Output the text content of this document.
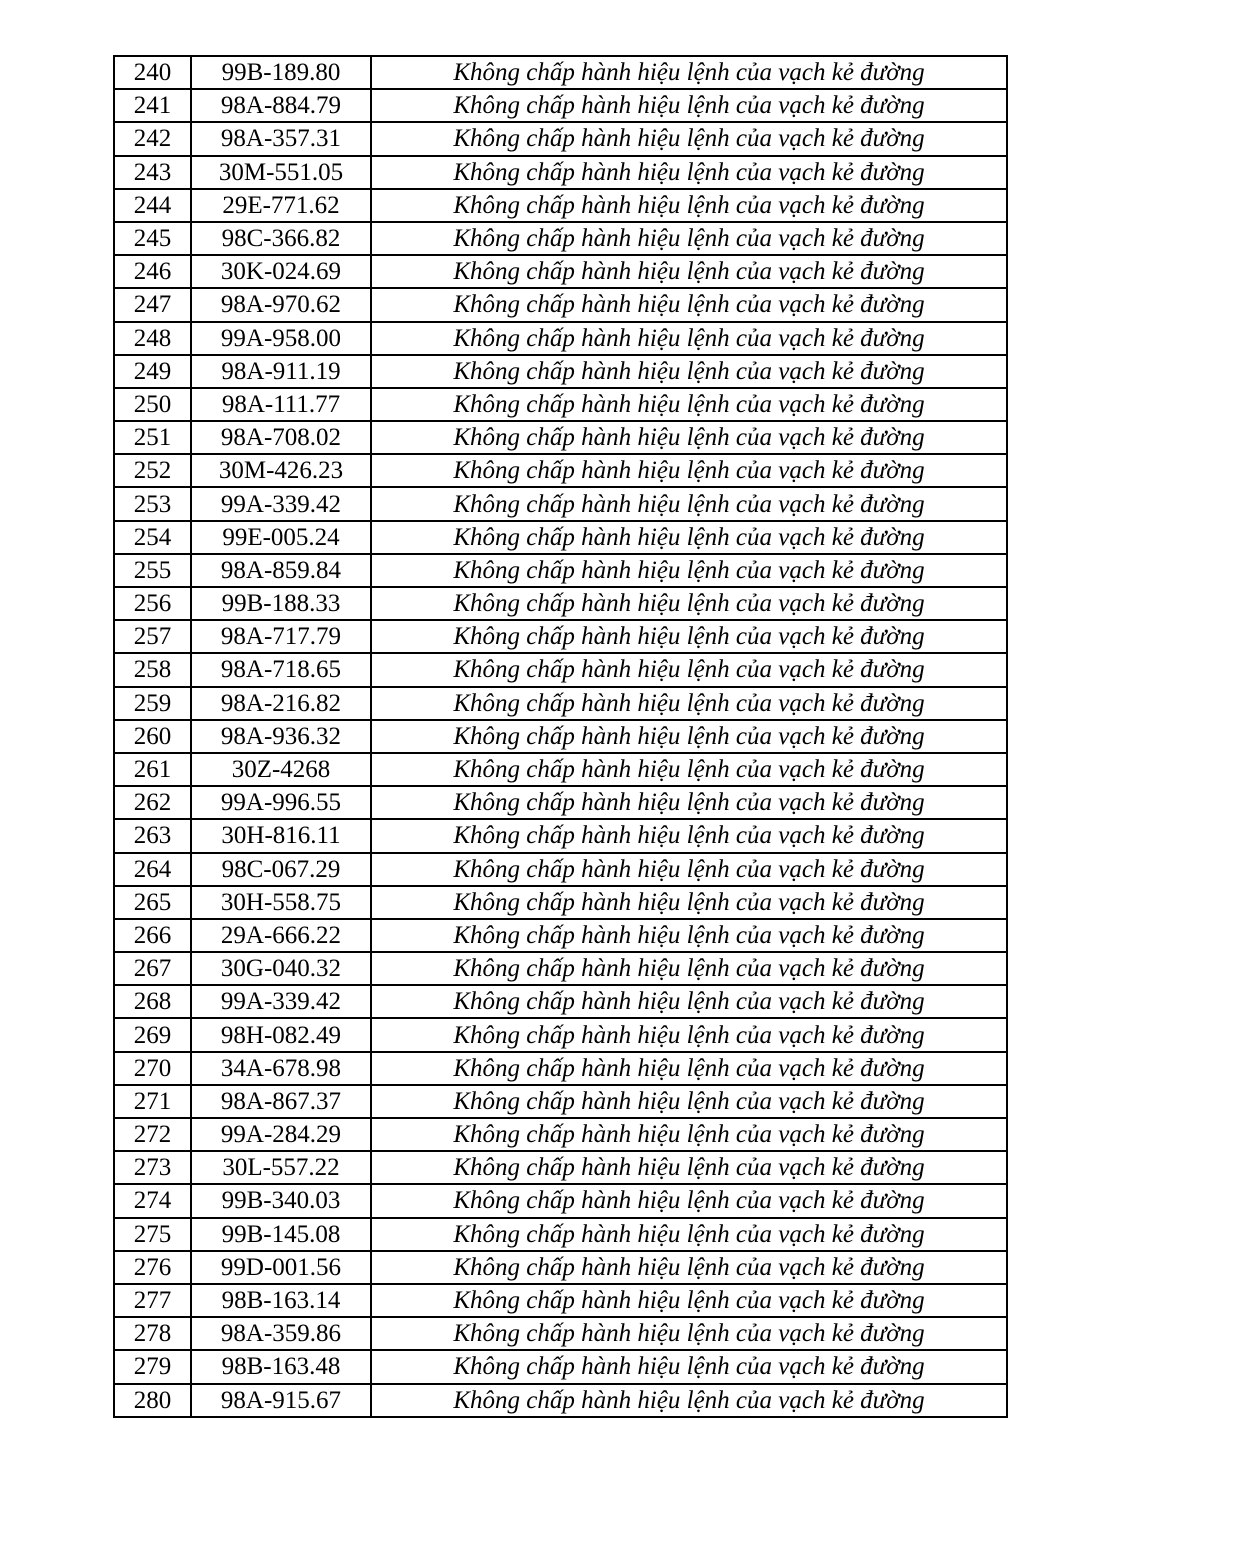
240	99B-189.80	Không chấp hành hiệu lệnh của vạch kẻ đường
241	98A-884.79	Không chấp hành hiệu lệnh của vạch kẻ đường
242	98A-357.31	Không chấp hành hiệu lệnh của vạch kẻ đường
243	30M-551.05	Không chấp hành hiệu lệnh của vạch kẻ đường
244	29E-771.62	Không chấp hành hiệu lệnh của vạch kẻ đường
245	98C-366.82	Không chấp hành hiệu lệnh của vạch kẻ đường
246	30K-024.69	Không chấp hành hiệu lệnh của vạch kẻ đường
247	98A-970.62	Không chấp hành hiệu lệnh của vạch kẻ đường
248	99A-958.00	Không chấp hành hiệu lệnh của vạch kẻ đường
249	98A-911.19	Không chấp hành hiệu lệnh của vạch kẻ đường
250	98A-111.77	Không chấp hành hiệu lệnh của vạch kẻ đường
251	98A-708.02	Không chấp hành hiệu lệnh của vạch kẻ đường
252	30M-426.23	Không chấp hành hiệu lệnh của vạch kẻ đường
253	99A-339.42	Không chấp hành hiệu lệnh của vạch kẻ đường
254	99E-005.24	Không chấp hành hiệu lệnh của vạch kẻ đường
255	98A-859.84	Không chấp hành hiệu lệnh của vạch kẻ đường
256	99B-188.33	Không chấp hành hiệu lệnh của vạch kẻ đường
257	98A-717.79	Không chấp hành hiệu lệnh của vạch kẻ đường
258	98A-718.65	Không chấp hành hiệu lệnh của vạch kẻ đường
259	98A-216.82	Không chấp hành hiệu lệnh của vạch kẻ đường
260	98A-936.32	Không chấp hành hiệu lệnh của vạch kẻ đường
261	30Z-4268	Không chấp hành hiệu lệnh của vạch kẻ đường
262	99A-996.55	Không chấp hành hiệu lệnh của vạch kẻ đường
263	30H-816.11	Không chấp hành hiệu lệnh của vạch kẻ đường
264	98C-067.29	Không chấp hành hiệu lệnh của vạch kẻ đường
265	30H-558.75	Không chấp hành hiệu lệnh của vạch kẻ đường
266	29A-666.22	Không chấp hành hiệu lệnh của vạch kẻ đường
267	30G-040.32	Không chấp hành hiệu lệnh của vạch kẻ đường
268	99A-339.42	Không chấp hành hiệu lệnh của vạch kẻ đường
269	98H-082.49	Không chấp hành hiệu lệnh của vạch kẻ đường
270	34A-678.98	Không chấp hành hiệu lệnh của vạch kẻ đường
271	98A-867.37	Không chấp hành hiệu lệnh của vạch kẻ đường
272	99A-284.29	Không chấp hành hiệu lệnh của vạch kẻ đường
273	30L-557.22	Không chấp hành hiệu lệnh của vạch kẻ đường
274	99B-340.03	Không chấp hành hiệu lệnh của vạch kẻ đường
275	99B-145.08	Không chấp hành hiệu lệnh của vạch kẻ đường
276	99D-001.56	Không chấp hành hiệu lệnh của vạch kẻ đường
277	98B-163.14	Không chấp hành hiệu lệnh của vạch kẻ đường
278	98A-359.86	Không chấp hành hiệu lệnh của vạch kẻ đường
279	98B-163.48	Không chấp hành hiệu lệnh của vạch kẻ đường
280	98A-915.67	Không chấp hành hiệu lệnh của vạch kẻ đường
